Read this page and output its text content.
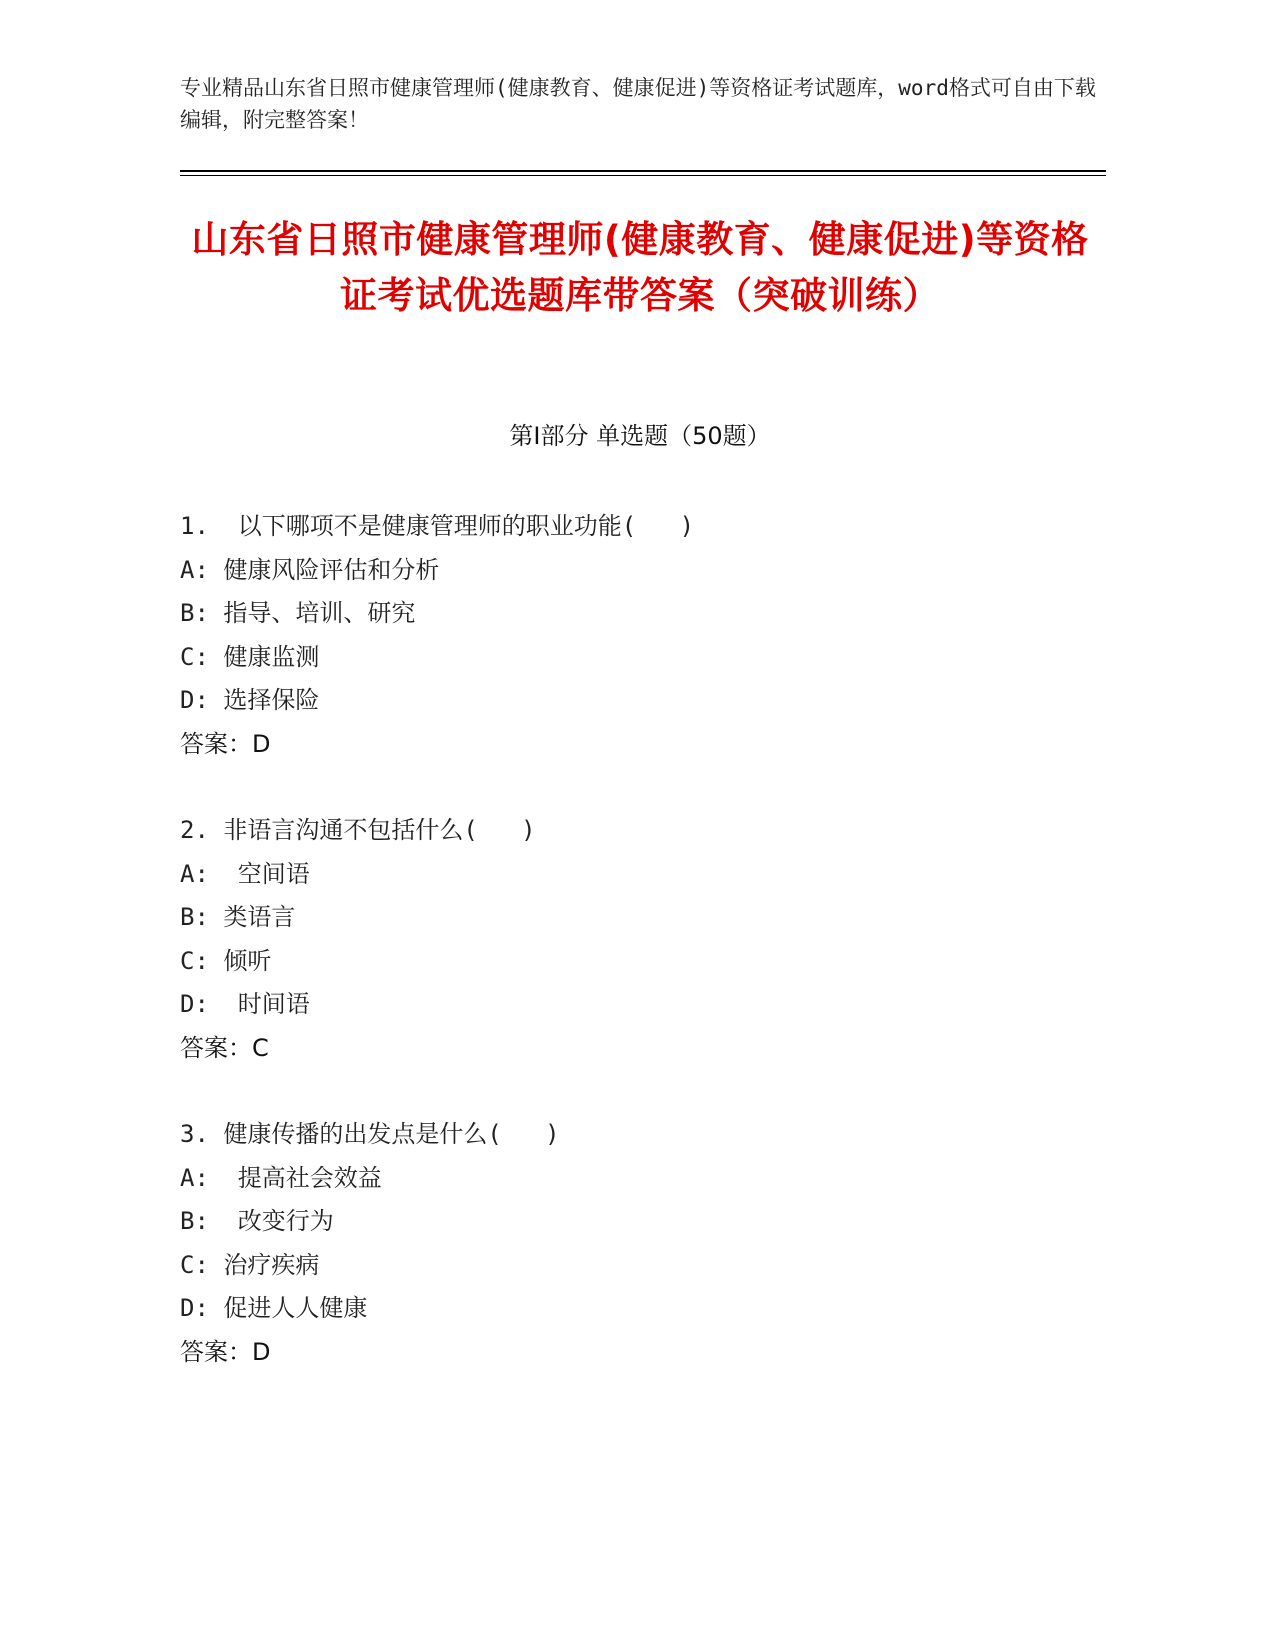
专业精品山东省日照市健康管理师(健康教育、健康促进)等资格证考试题库，word格式可自由下载编辑，附完整答案！
山东省日照市健康管理师(健康教育、健康促进)等资格证考试优选题库带答案（突破训练）
第Ⅰ部分 单选题（50题）
1.  以下哪项不是健康管理师的职业功能(   )
A: 健康风险评估和分析
B: 指导、培训、研究
C: 健康监测
D: 选择保险
答案：D
2. 非语言沟通不包括什么(   )
A:  空间语
B: 类语言
C: 倾听
D:  时间语
答案：C
3. 健康传播的出发点是什么(   )
A:  提高社会效益
B:  改变行为
C: 治疗疾病
D: 促进人人健康
答案：D
